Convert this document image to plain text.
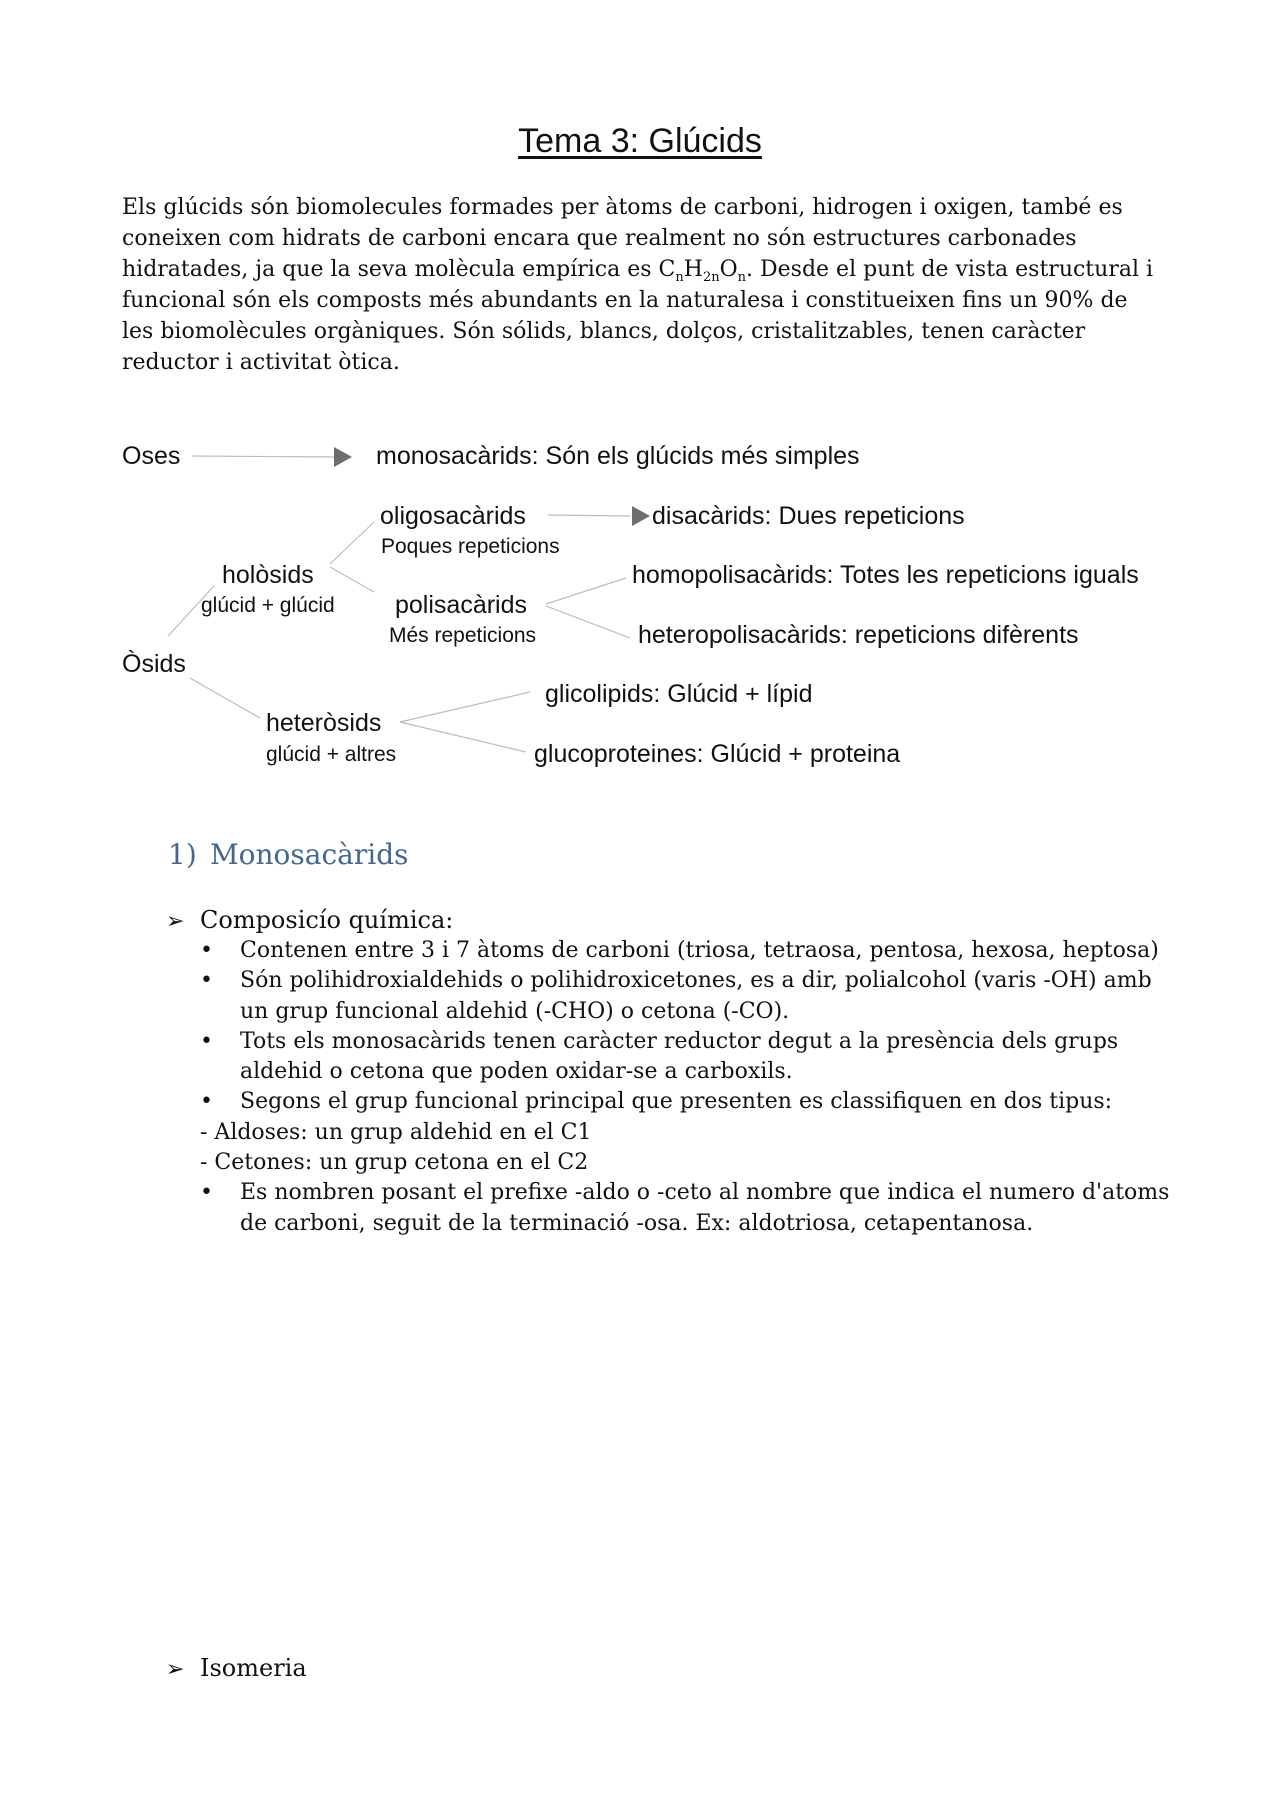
Tema 3: Glúcids
Els glúcids són biomolecules formades per àtoms de carboni, hidrogen i oxigen, també es coneixen com hidrats de carboni encara que realment no són estructures carbonades hidratades, ja que la seva molècula empírica es $C_nH_{2n}O_n$. Desde el punt de vista estructural i funcional són els composts més abundants en la naturalesa i constitueixen fins un 90% de les biomolècules orgàniques. Són sólids, blancs, dolços, cristalitzables, tenen caràcter reductor i activitat òtica.
Oses	monosacàrids: Són els glúcids més simples
oligosacàrids
Poques repeticions
disacàrids: Dues repeticions
holòsids
glúcid + glúcid
homopolisacàrids: Totes les repeticions iguals
polisacàrids
Més repeticions	heteropolisacàrids: repeticions difèrents
Òsids
glicolipids: Glúcid + lípid
heteròsids
glúcid + altres	glucoproteines: Glúcid + proteina
1) Monosacàrids
➢ Composicío química:
• Contenen entre 3 i 7 àtoms de carboni (triosa, tetraosa, pentosa, hexosa, heptosa)
• Són polihidroxialdehids o polihidroxicetones, es a dir, polialcohol (varis -OH) amb un grup funcional aldehid (-CHO) o cetona (-CO).
• Tots els monosacàrids tenen caràcter reductor degut a la presència dels grups aldehid o cetona que poden oxidar-se a carboxils.
• Segons el grup funcional principal que presenten es classifiquen en dos tipus:
- Aldoses: un grup aldehid en el C1
- Cetones: un grup cetona en el C2
• Es nombren posant el prefixe -aldo o -ceto al nombre que indica el numero d'atoms de carboni, seguit de la terminació -osa. Ex: aldotriosa, cetapentanosa.
➢ Isomeria
